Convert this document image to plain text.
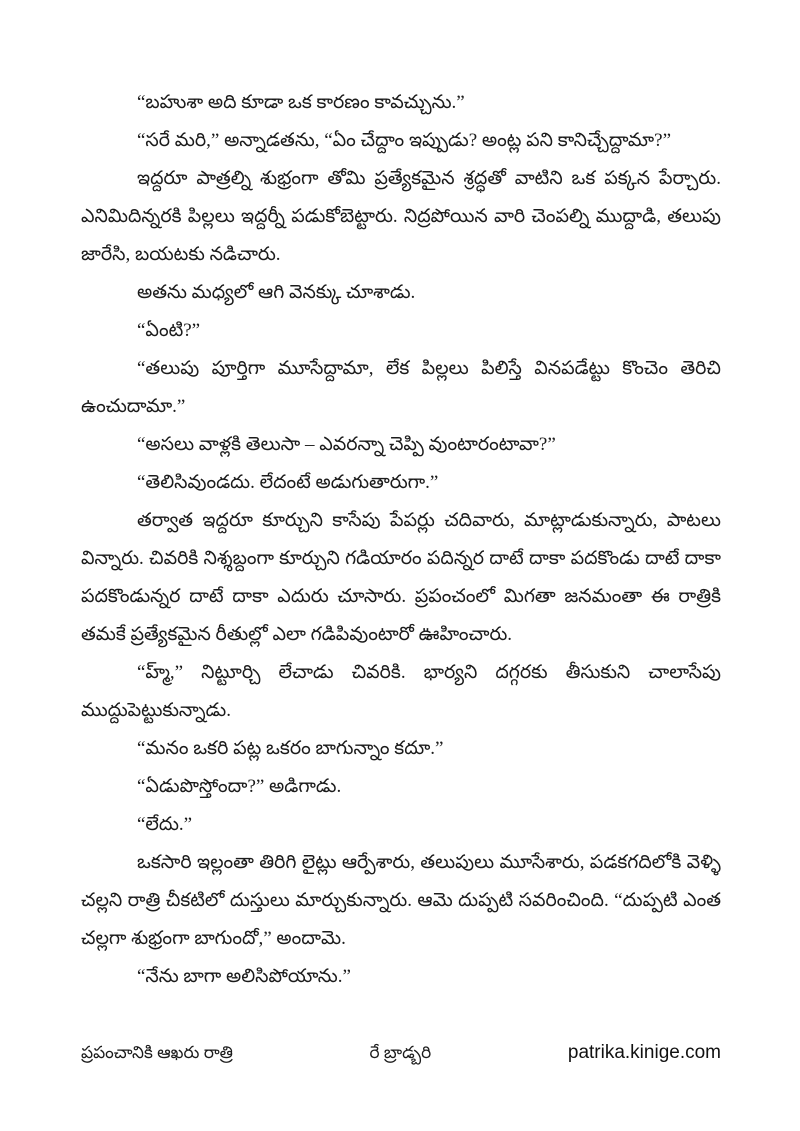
“బహుశా అది కూడా ఒక కారణం కావచ్చును.”

“సరే మరి,” అన్నాడతను, “ఏం చేద్దాం ఇప్పుడు? అంట్ల పని కానిచ్చేద్దామా?”

ఇద్దరూ పాత్రల్ని శుభ్రంగా తోమి ప్రత్యేకమైన శ్రద్ధతో వాటిని ఒక పక్కన పేర్చారు. ఎనిమిదిన్నరకి పిల్లలు ఇద్దర్నీ పడుకోబెట్టారు. నిద్రపోయిన వారి చెంపల్ని ముద్దాడి, తలుపు జారేసి, బయటకు నడిచారు.

అతను మధ్యలో ఆగి వెనక్కు చూశాడు.

“ఏంటి?”

“తలుపు పూర్తిగా మూసేద్దామా, లేక పిల్లలు పిలిస్తే వినపడేట్టు కొంచెం తెరిచి ఉంచుదామా.”

“అసలు వాళ్లకి తెలుసా – ఎవరన్నా చెప్పి వుంటారంటావా?”

“తెలిసివుండదు. లేదంటే అడుగుతారుగా.”

తర్వాత ఇద్దరూ కూర్చుని కాసేపు పేపర్లు చదివారు, మాట్లాడుకున్నారు, పాటలు విన్నారు. చివరికి నిశ్శబ్దంగా కూర్చుని గడియారం పదిన్నర దాటే దాకా పదకొండు దాటే దాకా పదకొండున్నర దాటే దాకా ఎదురు చూసారు. ప్రపంచంలో మిగతా జనమంతా ఈ రాత్రికి తమకే ప్రత్యేకమైన రీతుల్లో ఎలా గడిపివుంటారో ఊహించారు.

“హ్మ్,” నిట్టూర్చి లేచాడు చివరికి. భార్యని దగ్గరకు తీసుకుని చాలాసేపు ముద్దుపెట్టుకున్నాడు.

“మనం ఒకరి పట్ల ఒకరం బాగున్నాం కదూ.”

“ఏడుపొస్తోందా?” అడిగాడు.

“లేదు.”

ఒకసారి ఇల్లంతా తిరిగి లైట్లు ఆర్పేశారు, తలుపులు మూసేశారు, పడకగదిలోకి వెళ్ళి చల్లని రాత్రి చీకటిలో దుస్తులు మార్చుకున్నారు. ఆమె దుప్పటి సవరించింది. “దుప్పటి ఎంత చల్లగా శుభ్రంగా బాగుందో,” అందామె.

“నేను బాగా అలిసిపోయాను.”

ప్రపంచానికి ఆఖరు రాత్రి	రే బ్రాడ్బరి	patrika.kinige.com
